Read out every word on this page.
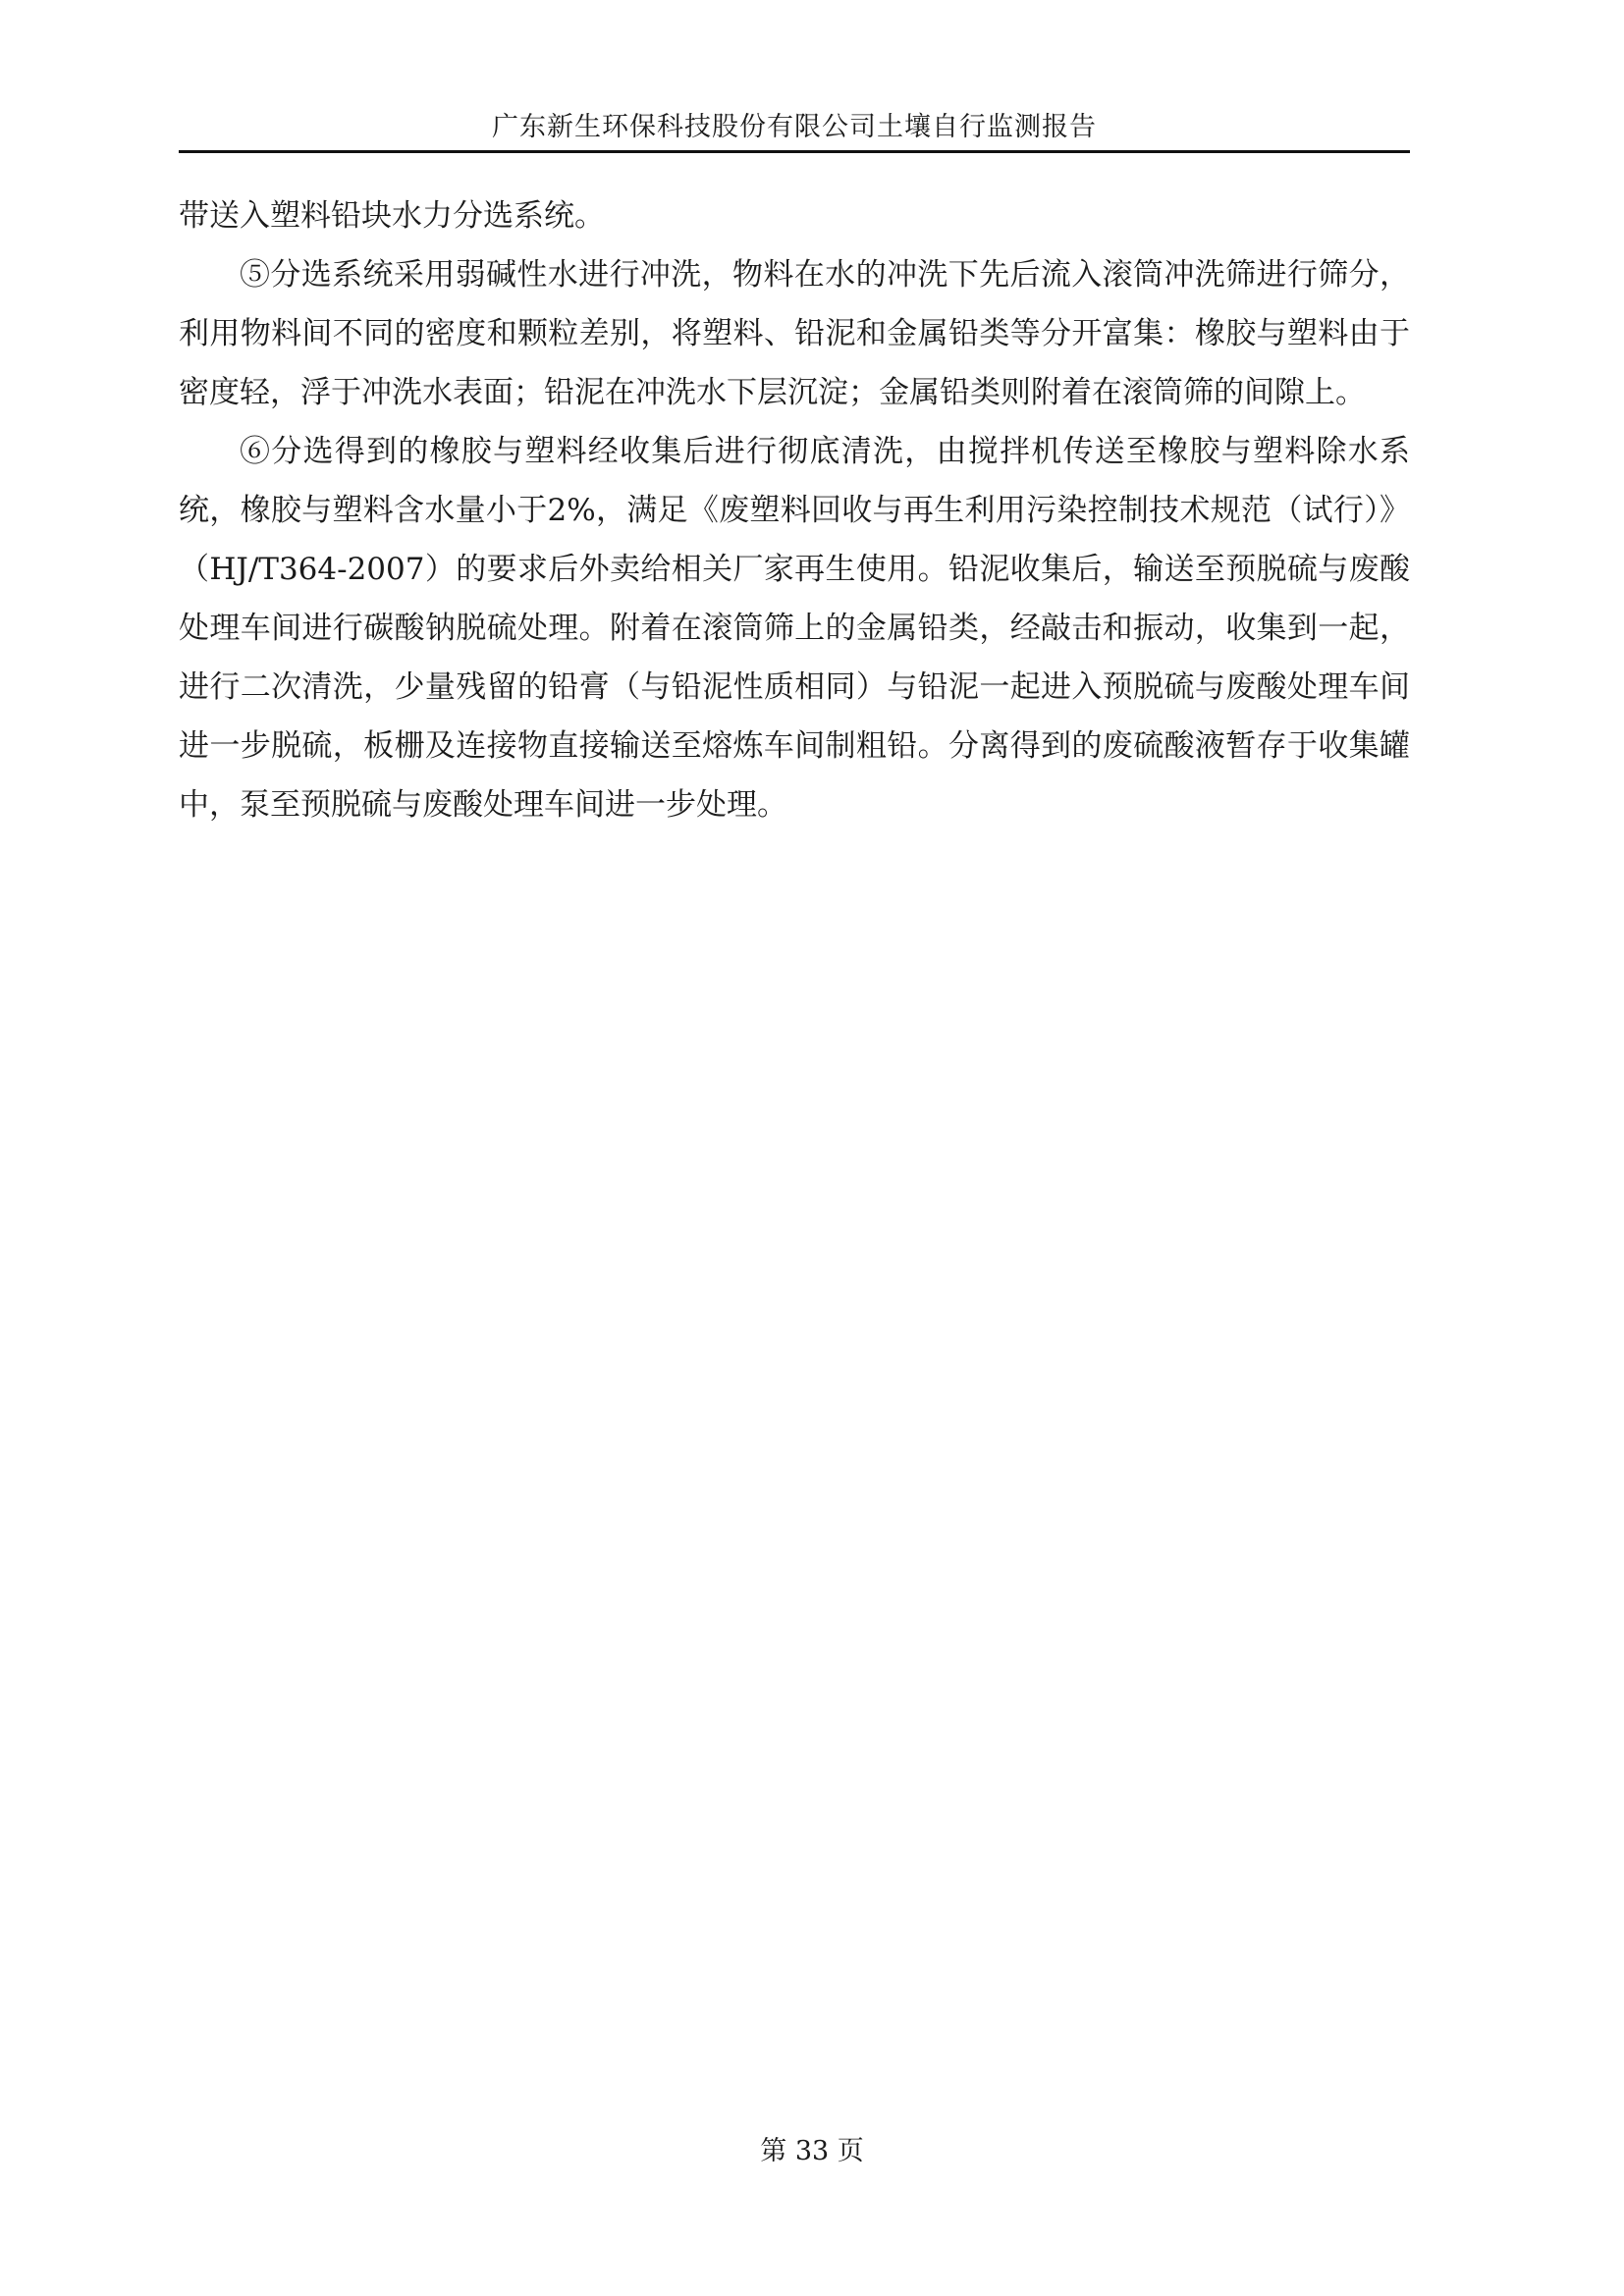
广东新生环保科技股份有限公司土壤自行监测报告

带送入塑料铅块水力分选系统。

⑤分选系统采用弱碱性水进行冲洗，物料在水的冲洗下先后流入滚筒冲洗筛进行筛分，利用物料间不同的密度和颗粒差别，将塑料、铅泥和金属铅类等分开富集：橡胶与塑料由于密度轻，浮于冲洗水表面；铅泥在冲洗水下层沉淀；金属铅类则附着在滚筒筛的间隙上。

⑥分选得到的橡胶与塑料经收集后进行彻底清洗，由搅拌机传送至橡胶与塑料除水系统，橡胶与塑料含水量小于2%，满足《废塑料回收与再生利用污染控制技术规范（试行）》（HJ/T364-2007）的要求后外卖给相关厂家再生使用。铅泥收集后，输送至预脱硫与废酸处理车间进行碳酸钠脱硫处理。附着在滚筒筛上的金属铅类，经敲击和振动，收集到一起，进行二次清洗，少量残留的铅膏（与铅泥性质相同）与铅泥一起进入预脱硫与废酸处理车间进一步脱硫，板栅及连接物直接输送至熔炼车间制粗铅。分离得到的废硫酸液暂存于收集罐中，泵至预脱硫与废酸处理车间进一步处理。

第 33 页
